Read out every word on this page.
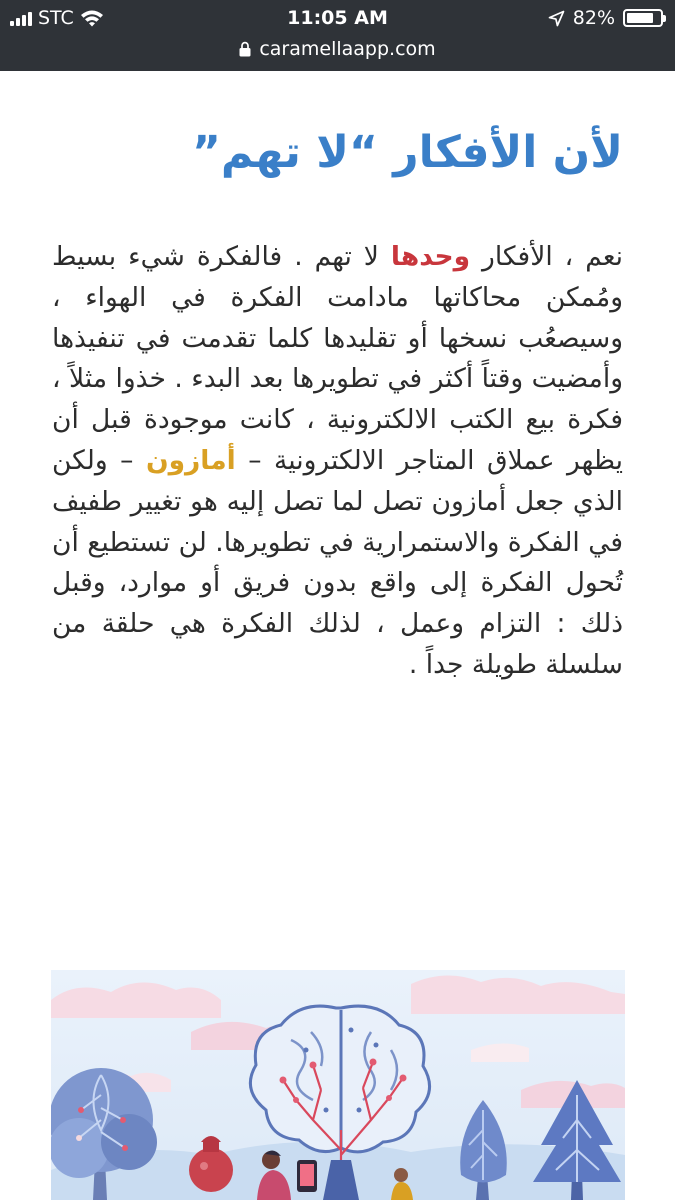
STC	11:05 AM	82%
caramellaapp.com
لأن الأفكار “لا تهم”

نعم ، الأفكار وحدها لا تهم . فالفكرة شيء بسيط ومُمكن محاكاتها مادامت الفكرة في الهواء ، وسيصعُب نسخها أو تقليدها كلما تقدمت في تنفيذها وأمضيت وقتاً أكثر في تطويرها بعد البدء . خذوا مثلاً ، فكرة بيع الكتب الالكترونية ، كانت موجودة قبل أن يظهر عملاق المتاجر الالكترونية – أمازون – ولكن الذي جعل أمازون تصل لما تصل إليه هو تغيير طفيف في الفكرة والاستمرارية في تطويرها. لن تستطيع أن تُحول الفكرة إلى واقع بدون فريق أو موارد، وقبل ذلك : التزام وعمل ، لذلك الفكرة هي حلقة من سلسلة طويلة جداً .
